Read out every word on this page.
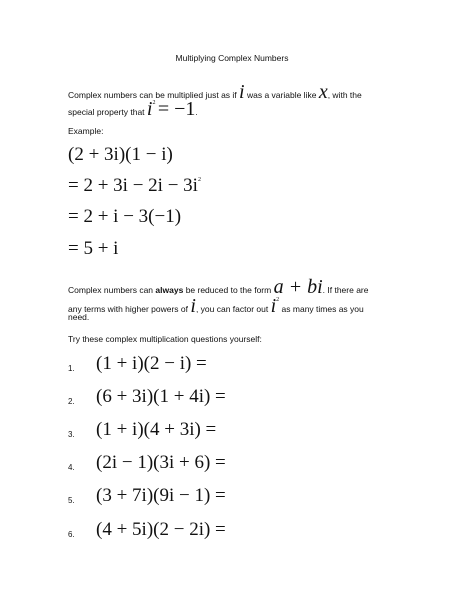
Multiplying Complex Numbers
Complex numbers can be multiplied just as if i was a variable like x, with the
special property that $i^2 = -1$.
Example:
(2 + 3i)(1 − i)
= $2 + 3i - 2i - 3i^2$
= 2 + i − 3(−1)
= 5 + i
Complex numbers can always be reduced to the form a + bi. If there are
any terms with higher powers of i, you can factor out $i^2$ as many times as you
need.
Try these complex multiplication questions yourself:
1. (1 + i)(2 − i) =
2. (6 + 3i)(1 + 4i) =
3. (1 + i)(4 + 3i) =
4. (2i − 1)(3i + 6) =
5. (3 + 7i)(9i − 1) =
6. (4 + 5i)(2 − 2i) =
